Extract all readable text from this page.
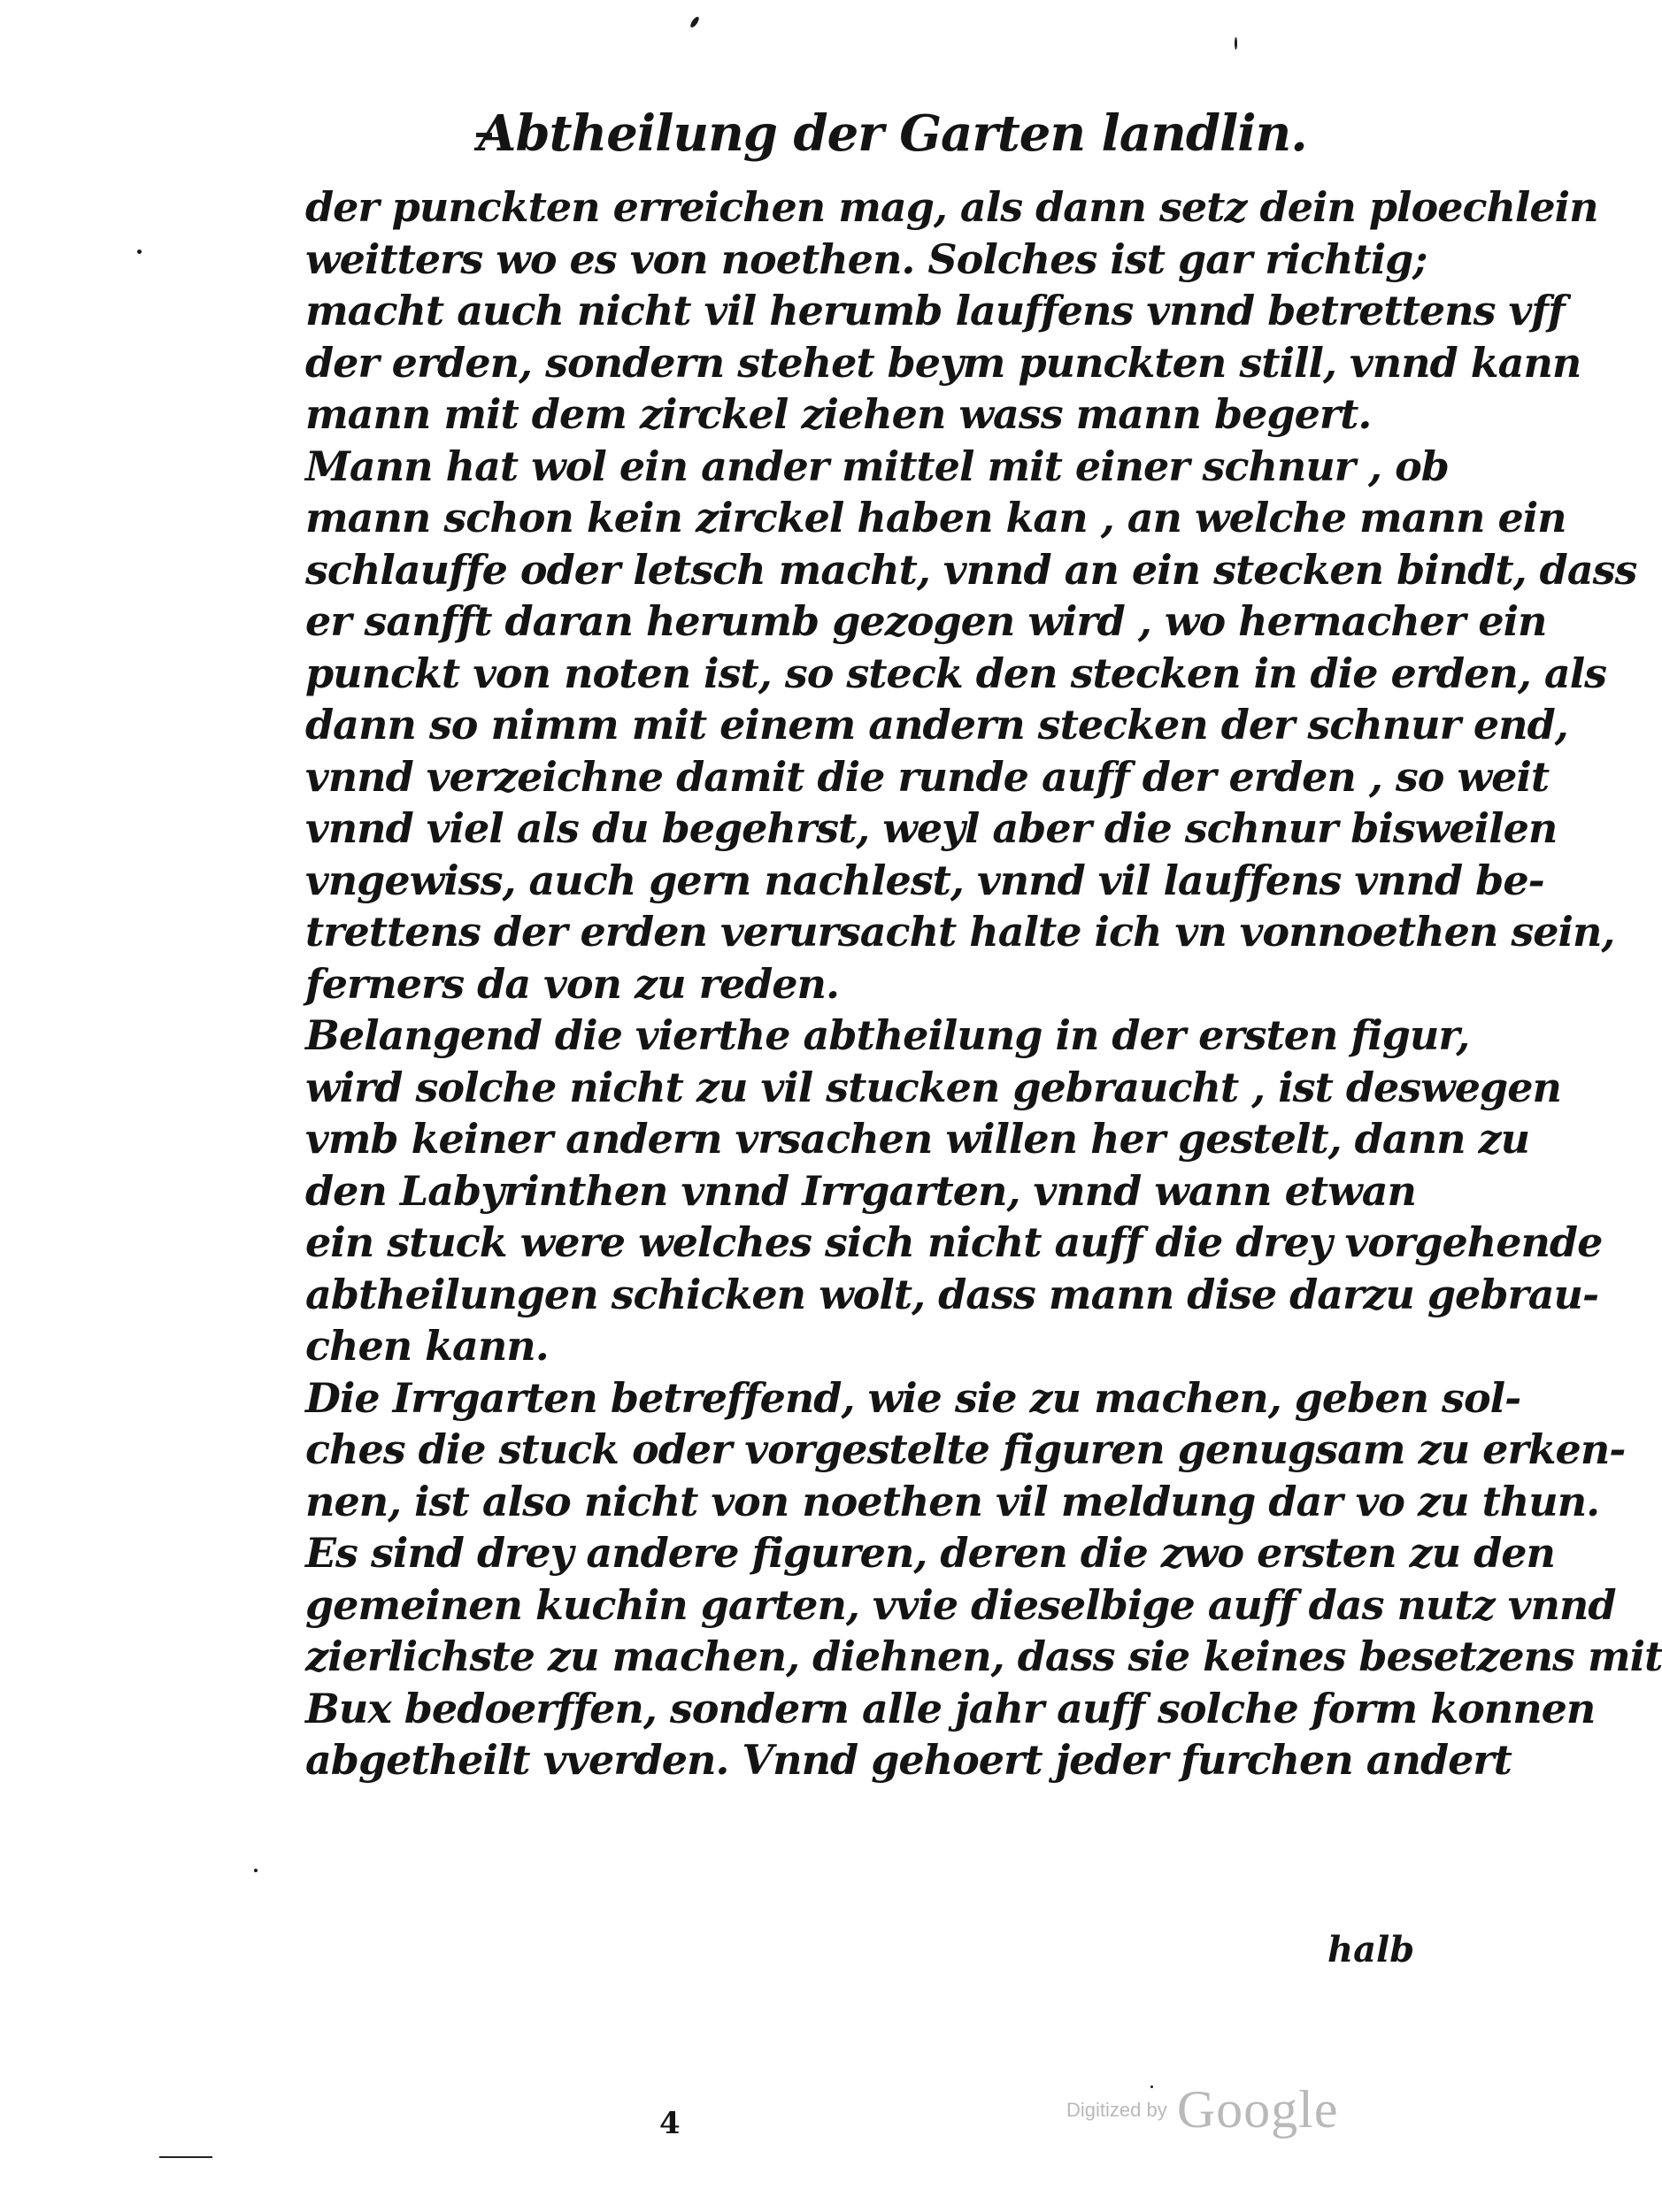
Abtheilung der Garten landlin.
der punckten erreichen mag, als dann setz dein ploechlein
weitters wo es von noethen. Solches ist gar richtig;
macht auch nicht vil herumb lauffens vnnd betrettens vff
der erden, sondern stehet beym punckten still, vnnd kann
mann mit dem zirckel ziehen wass mann begert.
Mann hat wol ein ander mittel mit einer schnur , ob
mann schon kein zirckel haben kan , an welche mann ein
schlauffe oder letsch macht, vnnd an ein stecken bindt, dass
er sanfft daran herumb gezogen wird , wo hernacher ein
punckt von noten ist, so steck den stecken in die erden, als
dann so nimm mit einem andern stecken der schnur end,
vnnd verzeichne damit die runde auff der erden , so weit
vnnd viel als du begehrst, weyl aber die schnur bisweilen
vngewiss, auch gern nachlest, vnnd vil lauffens vnnd be-
trettens der erden verursacht halte ich vn vonnoethen sein,
ferners da von zu reden.
Belangend die vierthe abtheilung in der ersten figur,
wird solche nicht zu vil stucken gebraucht , ist deswegen
vmb keiner andern vrsachen willen her gestelt, dann zu
den Labyrinthen vnnd Irrgarten, vnnd wann etwan
ein stuck were welches sich nicht auff die drey vorgehende
abtheilungen schicken wolt, dass mann dise darzu gebrau-
chen kann.
Die Irrgarten betreffend, wie sie zu machen, geben sol-
ches die stuck oder vorgestelte figuren genugsam zu erken-
nen, ist also nicht von noethen vil meldung dar vo zu thun.
Es sind drey andere figuren, deren die zwo ersten zu den
gemeinen kuchin garten, vvie dieselbige auff das nutz vnnd
zierlichste zu machen, diehnen, dass sie keines besetzens mit
Bux bedoerffen, sondern alle jahr auff solche form konnen
abgetheilt vverden. Vnnd gehoert jeder furchen andert
halb
4	Digitized by Google
